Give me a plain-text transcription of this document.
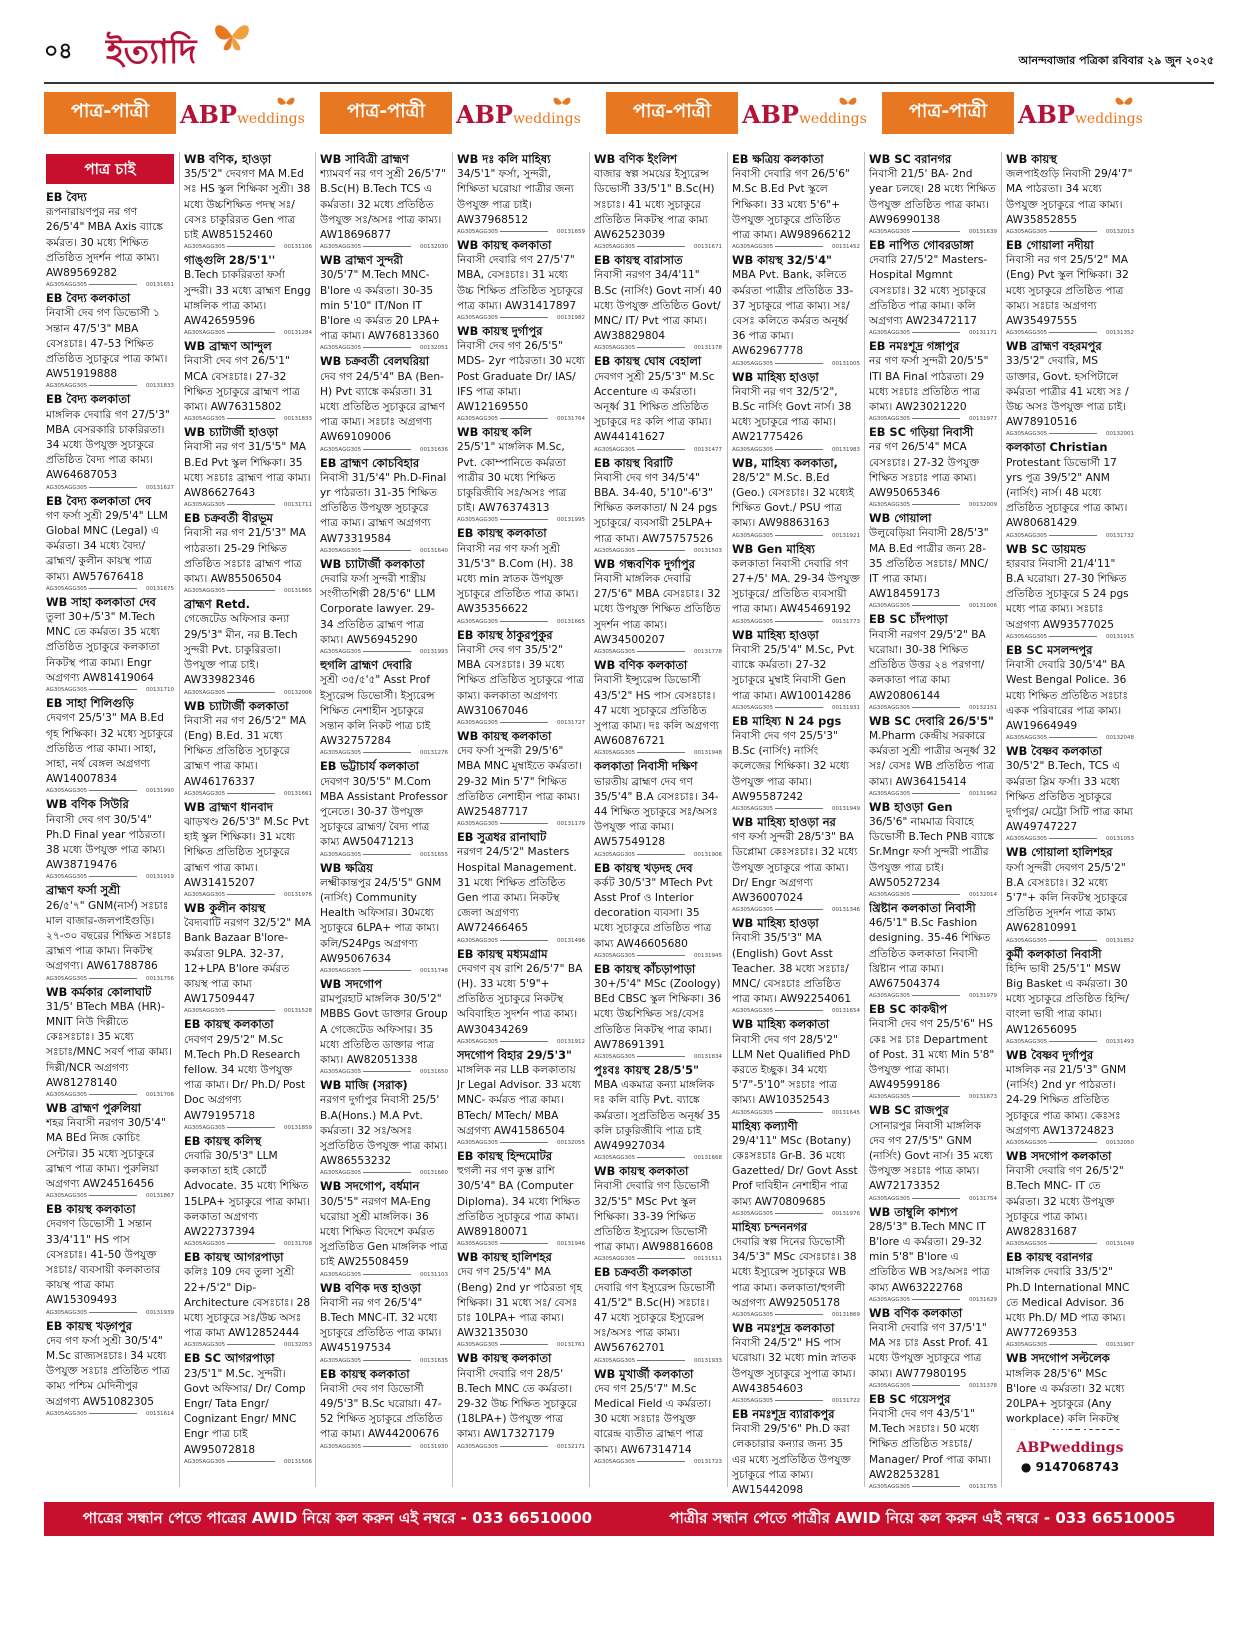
০৪ ইত্যাদি	আনন্দবাজার পত্রিকা রবিবার ২৯ জুন ২০২৫
পাত্র-পাত্রী	ABP weddings	পাত্র-পাত্রী	ABP weddings	পাত্র-পাত্রী	ABP weddings	পাত্র-পাত্রী	ABP weddings
পাত্র চাই
EB বৈদ্য
রূপনারায়ণপুর নর গণ 26/5'4" MBA Axis ব্যাঙ্কে কর্মরত। 30 মধ্যে শিক্ষিত প্রতিষ্ঠিত সুদর্শন পাত্র কাম্য। AW89569282
AG305AGG305	00131651
EB বৈদ্য কলকাতা
নিবাসী দেব গণ ডিভোর্সী ১ সন্তান 47/5'3" MBA বেসঃচাঃ। 47-53 শিক্ষিত প্রতিষ্ঠিত সুচাকুরে পাত্র কাম্য। AW51919888
AG305AGG305	00131833
EB বৈদ্য কলকাতা
মাঙ্গলিক দেবারি গণ 27/5'3" MBA বেসরকারি চাকরিরতা। 34 মধ্যে উপযুক্ত সুচাকুরে প্রতিষ্ঠিত বৈদ্য পাত্র কাম্য। AW64687053
AG305AGG305	00131627
EB বৈদ্য কলকাতা দেব
গণ ফর্সা সুশ্রী 29/5'4" LLM Global MNC (Legal) এ কর্মরতা। 34 মধ্যে বৈদ্য/ ব্রাহ্মণ/ কুলীন কায়স্থ পাত্র কাম্য। AW57676418
AG305AGG305	00131675
WB সাহা কলকাতা দেব
তুলা 30+/5'3" M.Tech MNC তে কর্মরত। 35 মধ্যে প্রতিষ্ঠিত সুচাকুরে কলকাতা নিকটস্থ পাত্র কাম্য। Engr অগ্রগণ্য AW81419064
AG305AGG305	00131710
EB সাহা শিলিগুড়ি
দেবগণ 25/5'3" MA B.Ed গৃহ শিক্ষিকা। 32 মধ্যে সুচাকুরে প্রতিষ্ঠিত পাত্র কাম্য। সাহা, সাহা, নর্থ বেঙ্গল অগ্রগণ্য AW14007834
AG305AGG305	00131990
WB বণিক সিউরি
নিবাসী দেব গণ 30/5'4" Ph.D Final year পাঠরতা। 38 মধ্যে উপযুক্ত পাত্র কাম্য। AW38719476
AG305AGG305	00131919
ব্রাহ্মণ ফর্সা সুশ্রী
26/৫'৭" GNM(নার্স) সঃচাঃ মাল বাজার-জলপাইগুড়ি। ২৭-৩০ বছরের শিক্ষিত সঃচাঃ ব্রাহ্মণ পাত্র কাম্য। নিকটস্থ অগ্রগণ্য। AW61788786
AG305AGG305	00131756
WB কর্মকার কোলাঘাট
31/5' BTech MBA (HR)- MNIT নিউ দিল্লীতে কেঃসঃচাঃ। 35 মধ্যে সঃচাঃ/MNC সবর্ণ পাত্র কাম্য। দিল্লী/NCR অগ্রগণ্য AW81278140
AG305AGG305	00131706
WB ব্রাহ্মণ পুরুলিয়া
শহর নিবাসী নরগণ 30/5'4" MA BEd নিজ কোচিং সেন্টার। 35 মধ্যে সুচাকুরে ব্রাহ্মণ পাত্র কাম্য। পুরুলিয়া অগ্রগণ্য AW24516456
AG305AGG305	00131867
EB কায়স্থ কলকাতা
দেবগণ ডিভোর্সী 1 সন্তান 33/4'11" HS পাস বেসঃচাঃ। 41-50 উপযুক্ত সঃচাঃ/ ব্যবসায়ী কলকাতার কায়স্থ পাত্র কাম্য AW15309493
AG305AGG305	00131939
EB কায়স্থ খড়্গপুর
দেব গণ ফর্সা সুশ্রী 30/5'4" M.Sc রাজ্যসঃচাঃ। 34 মধ্যে উপযুক্ত সঃচাঃ প্রতিষ্ঠিত পাত্র কাম্য পশ্চিম মেদিনীপুর অগ্রগণ্য AW51082305
AG305AGG305	00131614
WB বণিক, হাওড়া
35/5'2" দেবগণ MA M.Ed সঃ HS স্কুল শিক্ষিকা সুশ্রী। 38 মধ্যে উচ্চশিক্ষিত পদস্থ সঃ/বেসঃ চাকুরিরত Gen পাত্র চাই AW85152460
AG305AGG305	00131106
গাঙ্গুলি 28/5'1''
B.Tech চাকরিরতা ফর্সা সুন্দরী। 33 মধ্যে ব্রাহ্মণ Engg মাঙ্গলিক পাত্র কাম্য। AW42659596
AG305AGG305	00131284
WB ব্রাহ্মণ আন্দুল
নিবাসী দেব গণ 26/5'1" MCA বেসঃচাঃ। 27-32 শিক্ষিত সুচাকুরে ব্রাহ্মণ পাত্র কাম্য। AW76315802
AG305AGG305	00131833
WB চ্যাটার্জী হাওড়া
নিবাসী নর গণ 31/5'5" MA B.Ed Pvt স্কুল শিক্ষিকা। 35 মধ্যে সঃচাঃ ব্রাহ্মণ পাত্র কাম্য। AW86627643
AG305AGG305	00131711
EB চক্রবর্তী বীরভূম
নিবাসী নর গণ 21/5'3" MA পাঠরতা। 25-29 শিক্ষিত প্রতিষ্ঠিত সঃচাঃ ব্রাহ্মণ পাত্র কাম্য। AW85506504
AG305AGG305	00131865
ব্রাহ্মণ Retd.
গেজেটেড অফিসার কন্যা 29/5'3" মীন, নর B.Tech সুন্দরী Pvt. চাকুরিরতা। উপযুক্ত পাত্র চাই। AW33982346
AG305AGG305	00132006
WB চ্যাটার্জী কলকাতা
নিবাসী নর গণ 26/5'2" MA (Eng) B.Ed. 31 মধ্যে শিক্ষিত প্রতিষ্ঠিত সুচাকুরে ব্রাহ্মণ পাত্র কাম্য। AW46176337
AG305AGG305	00131661
WB ব্রাহ্মণ ধানবাদ
ঝাড়খণ্ড 26/5'3" M.Sc Pvt হাই স্কুল শিক্ষিকা। 31 মধ্যে শিক্ষিত প্রতিষ্ঠিত সুচাকুরে ব্রাহ্মণ পাত্র কাম্য। AW31415207
AG305AGG305	00131976
WB কুলীন কায়স্থ
বৈদ্যবাটি নরগণ 32/5'2" MA Bank Bazaar B'lore- কর্মরতা 9LPA. 32-37, 12+LPA B'lore কর্মরত কায়স্থ পাত্র কাম্য AW17509447
AG305AGG305	00131528
EB কায়স্থ কলকাতা
দেবগণ 29/5'2" M.Sc M.Tech Ph.D Research fellow. 34 মধ্যে উপযুক্ত পাত্র কাম্য। Dr/ Ph.D/ Post Doc অগ্রগণ্য AW79195718
AG305AGG305	00131859
EB কায়স্থ কলিস্থ
দেবারি 30/5'3" LLM কলকাতা হাই কোর্টে Advocate. 35 মধ্যে শিক্ষিত 15LPA+ সুচাকুরে পাত্র কাম্য। কলকাতা অগ্রগণ্য AW22737394
AG305AGG305	00131708
EB কায়স্থ আগরপাড়া
কলিঃ 109 দেব তুলা সুশ্রী 22+/5'2" Dip- Architecture বেসঃচাঃ। 28 মধ্যে সুচাকুরে সঃ/উচ্চ অসঃ পাত্র কাম্য AW12852444
AG305AGG305	00132053
EB SC আগরপাড়া
23/5'1" M.Sc. সুন্দরী। Govt অফিসার/ Dr/ Comp Engr/ Tata Engr/ Cognizant Engr/ MNC Engr পাত্র চাই AW95072818
AG305AGG305	00131506
WB সাবিত্রী ব্রাহ্মণ
শ্যামবর্ণ নর গণ সুশ্রী 26/5'7" B.Sc(H) B.Tech TCS এ কর্মরতা। 32 মধ্যে প্রতিষ্ঠিত উপযুক্ত সঃ/অসঃ পাত্র কাম্য। AW18696877
AG305AGG305	00132030
WB ব্রাহ্মণ সুন্দরী
30/5'7" M.Tech MNC- B'lore এ কর্মরতা। 30-35 min 5'10" IT/Non IT B'lore এ কর্মরত 20 LPA+ পাত্র কাম্য। AW76813360
AG305AGG305	00132051
WB চক্রবর্তী বেলঘরিয়া
দেব গণ 24/5'4" BA (Ben- H) Pvt ব্যাঙ্কে কর্মরতা। 31 মধ্যে প্রতিষ্ঠিত সুচাকুরে ব্রাহ্মণ পাত্র কাম্য। সঃচাঃ অগ্রগণ্য AW69109006
AG305AGG305	00131636
EB ব্রাহ্মণ কোচবিহার
নিবাসী 31/5'4" Ph.D-Final yr পাঠরতা। 31-35 শিক্ষিত প্রতিষ্ঠিত উপযুক্ত সুচাকুরে পাত্র কাম্য। ব্রাহ্মণ অগ্রগণ্য AW73319584
AG305AGG305	00131640
WB চ্যাটার্জী কলকাতা
দেবারি ফর্সা সুন্দরী শাস্ত্রীয় সংগীতশিল্পী 28/5'6" LLM Corporate lawyer. 29-34 প্রতিষ্ঠিত ব্রাহ্মণ পাত্র কাম্য। AW56945290
AG305AGG305	00131993
হুগলি ব্রাহ্মণ দেবারি
সুশ্রী ৩৫/৫'৫" Asst Prof ইস্যুরেন্স ডিভোর্সী। ইস্যুরেন্স শিক্ষিত নেশাহীন সুচাকুরে সন্তান কলি নিকট পাত্র চাই AW32757284
AG305AGG305	00131276
EB ভট্টাচার্য কলকাতা
দেবগণ 30/5'5" M.Com MBA Assistant Professor পুনেতে। 30-37 উপযুক্ত সুচাকুরে ব্রাহ্মণ/ বৈদ্য পাত্র কাম্য AW50471213
AG305AGG305	00131655
WB ক্ষত্রিয়
লক্ষ্মীকান্তপুর 24/5'5" GNM (নার্সিং) Community Health অফিসার। 30মধ্যে সুচাকুরে 6LPA+ পাত্র কাম্য। কলি/S24Pgs অগ্রগণ্য AW95067634
AG305AGG305	00131748
WB সদগোপ
রামপুরহাট মাঙ্গলিক 30/5'2" MBBS Govt ডাক্তার Group A গেজেটেড অফিসার। 35 মধ্যে প্রতিষ্ঠিত ডাক্তার পাত্র কাম্য। AW82051338
AG305AGG305	00131650
WB মাজি (সরাক)
নরগণ দুর্গাপুর নিবাসী 25/5' B.A(Hons.) M.A Pvt. কর্মরতা। 32 সঃ/অসঃ সুপ্রতিষ্ঠিত উপযুক্ত পাত্র কাম্য। AW86553232
AG305AGG305	00131660
WB সদগোপ, বর্ধমান
30/5'5" নরগণ MA-Eng ঘরোয়া সুশ্রী মাঙ্গলিক। 36 মধ্যে শিক্ষিত বিদেশে কর্মরত সুপ্রতিষ্ঠিত Gen মাঙ্গলিক পাত্র চাই AW25508459
AG305AGG305	00131103
WB বণিক দত্ত হাওড়া
নিবাসী নর গণ 26/5'4" B.Tech MNC-IT. 32 মধ্যে সুচাকুরে প্রতিষ্ঠিত পাত্র কাম্য। AW45197534
AG305AGG305	00131635
EB কায়স্থ কলকাতা
নিবাসী দেব গণ ডিভোর্সী 49/5'3" B.Sc ঘরোয়া। 47-52 শিক্ষিত সুচাকুরে প্রতিষ্ঠিত পাত্র কাম্য। AW44200676
AG305AGG305	00131930
WB দঃ কলি মাহিষ্য
34/5'1" ফর্সা, সুন্দরী, শিক্ষিতা ঘরোয়া পাত্রীর জন্য উপযুক্ত পাত্র চাই। AW37968512
AG305AGG305	00131659
WB কায়স্থ কলকাতা
নিবাসী দেবারি গণ 27/5'7" MBA, বেসঃচাঃ। 31 মধ্যে উচ্চ শিক্ষিত প্রতিষ্ঠিত সুচাকুরে পাত্র কাম্য। AW31417897
AG305AGG305	00131982
WB কায়স্থ দুর্গাপুর
নিবাসী দেব গণ 26/5'5" MDS- 2yr পাঠরতা। 30 মধ্যে Post Graduate Dr/ IAS/ IFS পাত্র কাম্য। AW12169550
AG305AGG305	00131764
WB কায়স্থ কলি
25/5'1" মাঙ্গলিক M.Sc, Pvt. কোম্পানিতে কর্মরতা পাত্রীর 30 মধ্যে শিক্ষিত চাকুরিজীবি সঃ/অসঃ পাত্র চাই। AW76374313
AG305AGG305	00131995
EB কায়স্থ কলকাতা
নিবাসী নর গণ ফর্সা সুশ্রী 31/5'3" B.Com (H). 38 মধ্যে min স্নাতক উপযুক্ত সুচাকুরে প্রতিষ্ঠিত পাত্র কাম্য। AW35356622
AG305AGG305	00131665
EB কায়স্থ ঠাকুরপুকুর
নিবাসী দেব গণ 35/5'2" MBA বেসঃচাঃ। 39 মধ্যে শিক্ষিত প্রতিষ্ঠিত সুচাকুরে পাত্র কাম্য। কলকাতা অগ্রগণ্য AW31067046
AG305AGG305	00131727
WB কায়স্থ কলকাতা
দেব ফর্সা সুন্দরী 29/5'6" MBA MNC মুম্বাইতে কর্মরতা। 29-32 Min 5'7" শিক্ষিত প্রতিষ্ঠিত নেশাহীন পাত্র কাম্য। AW25487717
AG305AGG305	00131179
EB সুত্রধর রানাঘাট
নরগণ 24/5'2" Masters Hospital Management. 31 মধ্যে শিক্ষিত প্রতিষ্ঠিত Gen পাত্র কাম্য। নিকটস্থ জেলা অগ্রগণ্য AW72466465
AG305AGG305	00131496
EB কায়স্থ মধ্যমগ্রাম
দেবগণ বৃষ রাশি 26/5'7" BA (H). 33 মধ্যে 5'9"+ প্রতিষ্ঠিত সুচাকুরে নিকটস্থ অবিবাহিত সুদর্শন পাত্র কাম্য। AW30434269
AG305AGG305	00131912
সদগোপ বিহার 29/5'3"
মাঙ্গলিক নর LLB কলকাতায় Jr Legal Advisor. 33 মধ্যে MNC- কর্মরত পাত্র কাম্য। BTech/ MTech/ MBA অগ্রগণ্য AW41586504
AG305AGG305	00132055
EB কায়স্থ হিন্দমোটর
হুগলী নর গণ কুম্ভ রাশি 30/5'4" BA (Computer Diploma). 34 মধ্যে শিক্ষিত প্রতিষ্ঠিত সুচাকুরে পাত্র কাম্য। AW89180071
AG305AGG305	00131946
WB কায়স্থ হালিশহর
দেব গণ 25/5'4" MA (Beng) 2nd yr পাঠরতা গৃহ শিক্ষিকা। 31 মধ্যে সঃ/ বেসঃ চাঃ 10LPA+ পাত্র কাম্য। AW32135030
AG305AGG305	00131761
WB কায়স্থ কলকাতা
নিবাসী দেবারি গণ 28/5' B.Tech MNC তে কর্মরতা। 29-32 উচ্চ শিক্ষিত সুচাকুরে (18LPA+) উপযুক্ত পাত্র কাম্য। AW17327179
AG305AGG305	00132171
WB বণিক ইংলিশ
বাজার স্বল্প সময়ের ইস্যুরেন্স ডিভোর্সী 33/5'1" B.Sc(H) সঃচাঃ। 41 মধ্যে সুচাকুরে প্রতিষ্ঠিত নিকটস্থ পাত্র কাম্য AW62523039
AG305AGG305	00131671
EB কায়স্থ বারাসাত
নিবাসী নরগণ 34/4'11" B.Sc (নার্সিং) Govt নার্স। 40 মধ্যে উপযুক্ত প্রতিষ্ঠিত Govt/ MNC/ IT/ Pvt পাত্র কাম্য। AW38829804
AG305AGG305	00131178
EB কায়স্থ ঘোষ বেহালা
দেবগণ সুশ্রী 25/5'3" M.Sc Accenture এ কর্মরতা। অনূর্ধ্ব 31 শিক্ষিত প্রতিষ্ঠিত সুচাকুরে দঃ কলি পাত্র কাম্য। AW44141627
AG305AGG305	00131477
EB কায়স্থ বিরাটি
নিবাসী দেব গণ 34/5'4" BBA. 34-40, 5'10"-6'3" শিক্ষিত কলকাতা/ N 24 pgs সুচাকুরে/ ব্যবসায়ী 25LPA+ পাত্র কাম্য। AW75757526
AG305AGG305	00131503
WB গন্ধবণিক দুর্গাপুর
নিবাসী মাঙ্গলিক দেবারি 27/5'6" MBA বেসঃচাঃ। 32 মধ্যে উপযুক্ত শিক্ষিত প্রতিষ্ঠিত সুদর্শন পাত্র কাম্য। AW34500207
AG305AGG305	00131778
WB বণিক কলকাতা
নিবাসী ইন্স্যুরেন্স ডিভোর্সী 43/5'2" HS পাস বেসঃচাঃ। 47 মধ্যে সুচাকুরে প্রতিষ্ঠিত সুপাত্র কাম্য। দঃ কলি অগ্রগণ্য AW60876721
AG305AGG305	00131948
কলকাতা নিবাসী দক্ষিণ
ভারতীয় ব্রাহ্মণ দেব গণ 35/5'4" B.A বেসঃচাঃ। 34-44 শিক্ষিত সুচাকুরে সঃ/অসঃ উপযুক্ত পাত্র কাম্য। AW57549128
AG305AGG305	00131906
EB কায়স্থ খড়দহ দেব
কর্কট 30/5'3" MTech Pvt Asst Prof ও Interior decoration ব্যবসা। 35 মধ্যে সুচাকুরে প্রতিষ্ঠিত পাত্র কাম্য AW46605680
AG305AGG305	00131945
EB কায়স্থ কাঁচড়াপাড়া
30+/5'4" MSc (Zoology) BEd CBSC স্কুল শিক্ষিকা। 36 মধ্যে উচ্চশিক্ষিত সঃ/বেসঃ প্রতিষ্ঠিত নিকটস্থ পাত্র কাম্য। AW78691391
AG305AGG305	00131834
পুঃবঃ কায়স্থ 28/5'5"
MBA একমাত্র কন্যা মাঙ্গলিক দঃ কলি বাড়ি Pvt. ব্যাঙ্কে কর্মরতা। সুপ্রতিষ্ঠিত অনূর্ধ্ব 35 কলি চাকুরিজীবি পাত্র চাই AW49927034
AG305AGG305	00131668
WB কায়স্থ কলকাতা
নিবাসী দেবারি গণ ডিভোর্সী 32/5'5" MSc Pvt স্কুল শিক্ষিকা। 33-39 শিক্ষিত প্রতিষ্ঠিত ইস্যুরেন্স ডিভোর্সী পাত্র কাম্য। AW98816608
AG305AGG305	00131511
EB চক্রবর্তী কলকাতা
দেবারি গণ ইস্যুরেন্স ডিভোর্সী 41/5'2" B.Sc(H) সঃচাঃ। 47 মধ্যে সুচাকুরে ইস্যুরেন্স সঃ/অসঃ পাত্র কাম্য। AW56762701
AG305AGG305	00131933
WB মুখার্জী কলকাতা
দেব গণ 25/5'7" M.Sc Medical Field এ কর্মরতা। 30 মধ্যে সঃচাঃ উপযুক্ত বারেন্দ্র ব্যতীত ব্রাহ্মণ পাত্র কাম্য। AW67314714
AG305AGG305	00131723
EB ক্ষত্রিয় কলকাতা
নিবাসী দেবারি গণ 26/5'6" M.Sc B.Ed Pvt স্কুলে শিক্ষিকা। 33 মধ্যে 5'6"+ উপযুক্ত সুচাকুরে প্রতিষ্ঠিত পাত্র কাম্য। AW98966212
AG305AGG305	00131452
WB কায়স্থ 32/5'4"
MBA Pvt. Bank, কলিতে কর্মরতা পাত্রীর প্রতিষ্ঠিত 33-37 সুচাকুরে পাত্র কাম্য। সঃ/ বেসঃ কলিতে কর্মরত অনূর্ধ্ব 36 পাত্র কাম্য। AW62967778
AG305AGG305	00131005
WB মাহিষ্য হাওড়া
নিবাসী নর গণ 32/5'2", B.Sc নার্সিং Govt নার্স। 38 মধ্যে সুচাকুরে পাত্র কাম্য। AW21775426
AG305AGG305	00131983
WB, মাহিষ্য কলকাতা,
28/5'2" M.Sc. B.Ed (Geo.) বেসঃচাঃ। 32 মধ্যেই শিক্ষিত Govt./ PSU পাত্র কাম্য। AW98863163
AG305AGG305	00131921
WB Gen মাহিষ্য
কলকাতা নিবাসী দেবারি গণ 27+/5' MA. 29-34 উপযুক্ত সুচাকুরে/ প্রতিষ্ঠিত ব্যবসায়ী পাত্র কাম্য। AW45469192
AG305AGG305	00131773
WB মাহিষ্য হাওড়া
নিবাসী 25/5'4" M.Sc, Pvt ব্যাঙ্কে কর্মরতা। 27-32 সুচাকুরে মুম্বাই নিবাসী Gen পাত্র কাম্য। AW10014286
AG305AGG305	00131931
EB মাহিষ্য N 24 pgs
নিবাসী দেব গণ 25/5'3" B.Sc (নার্সিং) নার্সিং কলেজের শিক্ষিকা। 32 মধ্যে উপযুক্ত পাত্র কাম্য। AW95587242
AG305AGG305	00131949
WB মাহিষ্য হাওড়া নর
গণ ফর্সা সুন্দরী 28/5'3" BA ডিপ্লোমা কেঃসঃচাঃ। 32 মধ্যে উপযুক্ত সুচাকুরে পাত্র কাম্য। Dr/ Engr অগ্রগণ্য AW36007024
AG305AGG305	00131346
WB মাহিষ্য হাওড়া
নিবাসী 35/5'3" MA (English) Govt Asst Teacher. 38 মধ্যে সঃচাঃ/ MNC/ বেসঃচাঃ প্রতিষ্ঠিত পাত্র কাম্য। AW92254061
AG305AGG305	00131654
WB মাহিষ্য কলকাতা
নিবাসী দেব গণ 28/5'2" LLM Net Qualified PhD করতে ইচ্ছুক। 34 মধ্যে 5'7"-5'10" সঃচাঃ পাত্র কাম্য। AW10352543
AG305AGG305	00131645
মাহিষ্য কল্যাণী
29/4'11" MSc (Botany) কেঃসঃচাঃ Gr-B. 36 মধ্যে Gazetted/ Dr/ Govt Asst Prof দাবিহীন নেশাহীন পাত্র কাম্য AW70809685
AG305AGG305	00131976
মাহিষ্য চন্দননগর
দেবারি স্বল্প দিনের ডিভোর্সী 34/5'3" MSc বেসঃচাঃ। 38 মধ্যে ইস্যুরেন্স সুচাকুরে WB পাত্র কাম্য। কলকাতা/হুগলী অগ্রগণ্য AW92505178
AG305AGG305	00131869
WB নমঃশূদ্র কলকাতা
নিবাসী 24/5'2" HS পাস ঘরোয়া। 32 মধ্যে min স্নাতক উপযুক্ত সুচাকুরে সুপাত্র কাম্য। AW43854603
AG305AGG305	00131722
EB নমঃশূদ্র ব্যারাকপুর
নিবাসী 29/5'6" Ph.D করা লেকচারার কন্যার জন্য 35 এর মধ্যে সুপ্রতিষ্ঠিত উপযুক্ত সুচাকুরে পাত্র কাম্য। AW15442098
WB SC বরানগর
নিবাসী 21/5' BA- 2nd year চলছে। 28 মধ্যে শিক্ষিত উপযুক্ত প্রতিষ্ঠিত পাত্র কাম্য। AW96990138
AG305AGG305	00131639
EB নাপিত গোবরডাঙ্গা
দেবারি 27/5'2" Masters- Hospital Mgmnt বেসঃচাঃ। 32 মধ্যে সুচাকুরে প্রতিষ্ঠিত পাত্র কাম্য। কলি অগ্রগণ্য AW23472117
AG305AGG305	00131171
EB নমঃশূদ্র গঙ্গাপুর
নর গণ ফর্সা সুন্দরী 20/5'5" ITI BA Final পাঠরতা। 29 মধ্যে সঃচাঃ প্রতিষ্ঠিত পাত্র কাম্য। AW23021220
AG305AGG305	00131977
EB SC গড়িয়া নিবাসী
নর গণ 26/5'4" MCA বেসঃচাঃ। 27-32 উপযুক্ত শিক্ষিত সঃচাঃ পাত্র কাম্য। AW95065346
AG305AGG305	00132009
WB গোয়ালা
উলুবেড়িয়া নিবাসী 28/5'3" MA B.Ed পাত্রীর জন্য 28-35 প্রতিষ্ঠিত সঃচাঃ/ MNC/ IT পাত্র কাম্য। AW18459173
AG305AGG305	00131006
EB SC চাঁদপাড়া
নিবাসী নরগণ 29/5'2" BA ঘরোয়া। 30-38 শিক্ষিত প্রতিষ্ঠিত উত্তর ২৪ পরগণা/ কলকাতা পাত্র কাম্য AW20806144
AG305AGG305	00132151
WB SC দেবারি 26/5'5"
M.Pharm কেন্দ্রীয় সরকারে কর্মরতা সুশ্রী পাত্রীর অনূর্ধ্ব 32 সঃ/ বেসঃ WB প্রতিষ্ঠিত পাত্র কাম্য। AW36415414
AG305AGG305	00131962
WB হাওড়া Gen
36/5'6" নামমাত্র বিবাহে ডিভোর্সী B.Tech PNB ব্যাঙ্কে Sr.Mngr ফর্সা সুন্দরী পাত্রীর উপযুক্ত পাত্র চাই। AW50527234
AG305AGG305	00132014
খ্রিষ্টান কলকাতা নিবাসী
46/5'1" B.Sc Fashion designing. 35-46 শিক্ষিত প্রতিষ্ঠিত কলকাতা নিবাসী খ্রিষ্টান পাত্র কাম্য। AW67504374
AG305AGG305	00131979
EB SC কাকদ্বীপ
নিবাসী দেব গণ 25/5'6" HS কেঃ সঃ চাঃ Department of Post. 31 মধ্যে Min 5'8" উপযুক্ত পাত্র কাম্য। AW49599186
AG305AGG305	00131673
WB SC রাজপুর
সোনারপুর নিবাসী মাঙ্গলিক দেব গণ 27/5'5" GNM (নার্সিং) Govt নার্স। 35 মধ্যে উপযুক্ত সঃচাঃ পাত্র কাম্য। AW72173352
AG305AGG305	00131754
WB তাম্বুলি কাশ্যপ
28/5'3" B.Tech MNC IT B'lore এ কর্মরতা। 29-32 min 5'8" B'lore এ প্রতিষ্ঠিত WB সঃ/অসঃ পাত্র কাম্য AW63222768
AG305AGG305	00131629
WB বণিক কলকাতা
নিবাসী দেবারি গণ 37/5'1" MA সঃ চাঃ Asst Prof. 41 মধ্যে উপযুক্ত সুচাকুরে পাত্র কাম্য। AW77980195
AG305AGG305	00131378
EB SC গয়েসপুর
নিবাসী দেব গণ 43/5'1" M.Tech সঃচাঃ। 50 মধ্যে শিক্ষিত প্রতিষ্ঠিত সঃচাঃ/ Manager/ Prof পাত্র কাম্য। AW28253281
AG305AGG305	00131755
WB কায়স্থ
জলপাইগুড়ি নিবাসী 29/4'7" MA পাঠরতা। 34 মধ্যে উপযুক্ত সুচাকুরে পাত্র কাম্য। AW35852855
AG305AGG305	00132013
EB গোয়ালা নদীয়া
নিবাসী নর গণ 25/5'2" MA (Eng) Pvt স্কুল শিক্ষিকা। 32 মধ্যে সুচাকুরে প্রতিষ্ঠিত পাত্র কাম্য। সঃচাঃ অগ্রগণ্য AW35497555
AG305AGG305	00131352
WB ব্রাহ্মণ বহরমপুর
33/5'2" দেবারি, MS ডাক্তার, Govt. হসপিটালে কর্মরতা পাত্রীর 41 মধ্যে সঃ / উচ্চ অসঃ উপযুক্ত পাত্র চাই। AW78910516
AG305AGG305	00132001
কলকাতা Christian
Protestant ডিভোর্সী 17 yrs পুত্র 39/5'2" ANM (নার্সিং) নার্স। 48 মধ্যে প্রতিষ্ঠিত সুচাকুরে পাত্র কাম্য। AW80681429
AG305AGG305	00131732
WB SC ডায়মন্ড
হারবার নিবাসী 21/4'11" B.A ঘরোয়া। 27-30 শিক্ষিত প্রতিষ্ঠিত সুচাকুরে S 24 pgs মধ্যে পাত্র কাম্য। সঃচাঃ অগ্রগণ্য AW93577025
AG305AGG305	00131915
EB SC মসলন্দপুর
নিবাসী দেবারি 30/5'4" BA West Bengal Police. 36 মধ্যে শিক্ষিত প্রতিষ্ঠিত সঃচাঃ একক পরিবারের পাত্র কাম্য। AW19664949
AG305AGG305	00132048
WB বৈষ্ণব কলকাতা
30/5'2" B.Tech, TCS এ কর্মরতা স্লিম ফর্সা। 33 মধ্যে শিক্ষিত প্রতিষ্ঠিত সুচাকুরে দুর্গাপুর/ মেট্রো সিটি পাত্র কাম্য AW49747227
AG305AGG305	00131053
WB গোয়ালা হালিশহর
ফর্সা সুন্দরী দেবগণ 25/5'2" B.A বেসঃচাঃ। 32 মধ্যে 5'7"+ কলি নিকটস্থ সুচাকুরে প্রতিষ্ঠিত সুদর্শন পাত্র কাম্য AW62810991
AG305AGG305	00131852
কুর্মী কলকাতা নিবাসী
হিন্দি ভাষী 25/5'1" MSW Big Basket এ কর্মরতা। 30 মধ্যে সুচাকুরে প্রতিষ্ঠিত হিন্দি/বাংলা ভাষী পাত্র কাম্য। AW12656095
AG305AGG305	00131493
WB বৈষ্ণব দুর্গাপুর
মাঙ্গলিক নর 21/5'3" GNM (নার্সিং) 2nd yr পাঠরতা। 24-29 শিক্ষিত প্রতিষ্ঠিত সুচাকুরে পাত্র কাম্য। কেঃসঃ অগ্রগণ্য AW13724823
AG305AGG305	00132050
WB সদগোপ কলকাতা
নিবাসী দেবারি গণ 26/5'2" B.Tech MNC- IT তে কর্মরতা। 32 মধ্যে উপযুক্ত সুচাকুরে পাত্র কাম্য। AW82831687
AG305AGG305	00131049
EB কায়স্থ বরানগর
মাঙ্গলিক দেবারি 33/5'2" Ph.D International MNC তে Medical Advisor. 36 মধ্যে Ph.D/ MD পাত্র কাম্য। AW77269353
AG305AGG305	00131907
WB সদগোপ সল্টলেক
মাঙ্গলিক 28/5'6" MSc B'lore এ কর্মরতা। 32 মধ্যে 20LPA+ সুচাকুরে (Any workplace) কলি নিকটস্থ
ABPweddings
● 9147068743
পাত্রের সন্ধান পেতে পাত্রের AWID নিয়ে কল করুন এই নম্বরে - 033 66510000	পাত্রীর সন্ধান পেতে পাত্রীর AWID নিয়ে কল করুন এই নম্বরে - 033 66510005
